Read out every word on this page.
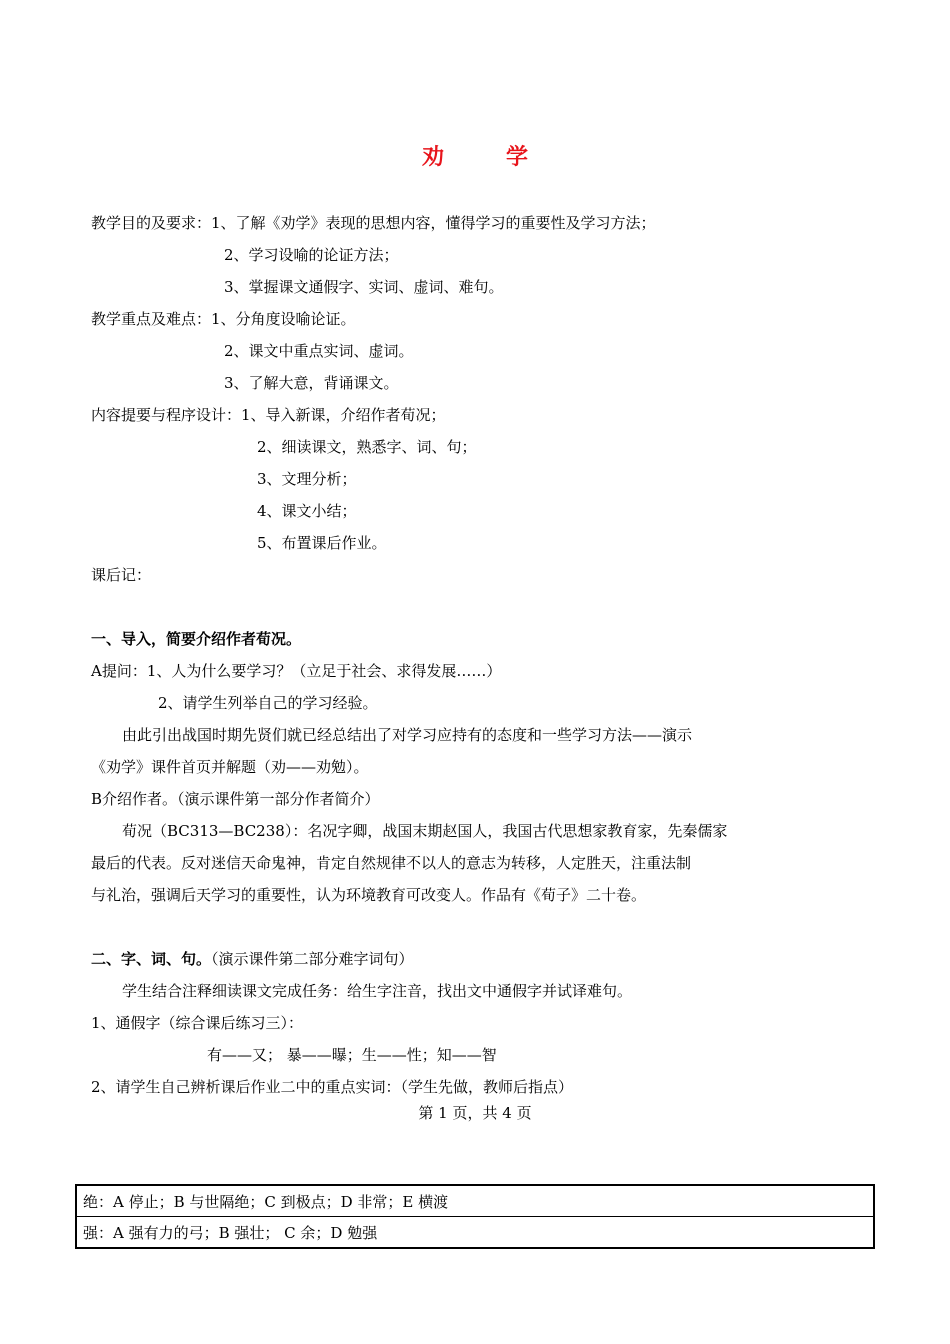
劝	学
教学目的及要求：1、了解《劝学》表现的思想内容，懂得学习的重要性及学习方法；
2、学习设喻的论证方法；
3、掌握课文通假字、实词、虚词、难句。
教学重点及难点：1、分角度设喻论证。
2、课文中重点实词、虚词。
3、了解大意，背诵课文。
内容提要与程序设计：1、导入新课，介绍作者荀况；
2、细读课文，熟悉字、词、句；
3、文理分析；
4、课文小结；
5、布置课后作业。
课后记：
一、导入，简要介绍作者荀况。
A提问：1、人为什么要学习？（立足于社会、求得发展……）
2、请学生列举自己的学习经验。
由此引出战国时期先贤们就已经总结出了对学习应持有的态度和一些学习方法——演示
《劝学》课件首页并解题（劝——劝勉）。
B介绍作者。（演示课件第一部分作者简介）
荀况（BC313—BC238）：名况字卿，战国末期赵国人，我国古代思想家教育家，先秦儒家
最后的代表。反对迷信天命鬼神，肯定自然规律不以人的意志为转移，人定胜天，注重法制
与礼治，强调后天学习的重要性，认为环境教育可改变人。作品有《荀子》二十卷。
二、字、词、句。（演示课件第二部分难字词句）
学生结合注释细读课文完成任务：给生字注音，找出文中通假字并试译难句。
1、通假字（综合课后练习三）：
有——又； 暴——曝；生——性；知——智
2、请学生自己辨析课后作业二中的重点实词：（学生先做，教师后指点）
第 1 页，共 4 页
绝：A 停止；B 与世隔绝；C 到极点；D 非常；E 横渡
强：A 强有力的弓；B 强壮； C 余；D 勉强
